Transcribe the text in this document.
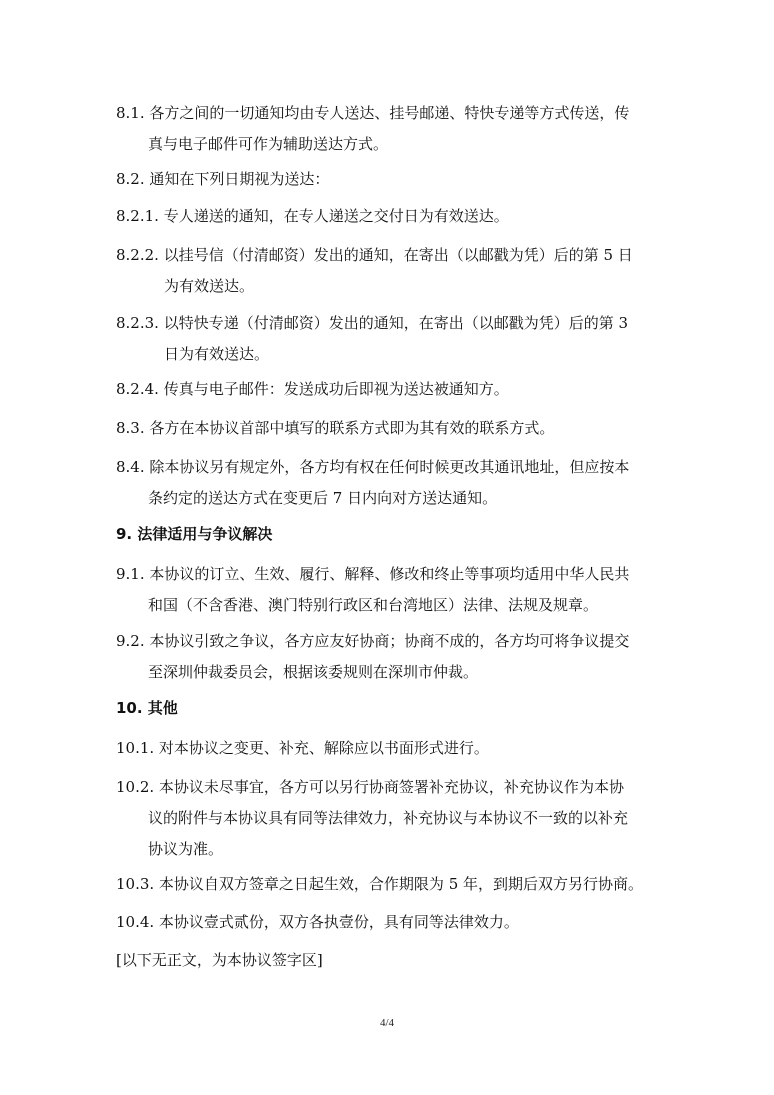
8.1. 各方之间的一切通知均由专人送达、挂号邮递、特快专递等方式传送，传
真与电子邮件可作为辅助送达方式。
8.2. 通知在下列日期视为送达：
8.2.1. 专人递送的通知，在专人递送之交付日为有效送达。
8.2.2. 以挂号信（付清邮资）发出的通知，在寄出（以邮戳为凭）后的第 5 日
为有效送达。
8.2.3. 以特快专递（付清邮资）发出的通知，在寄出（以邮戳为凭）后的第 3
日为有效送达。
8.2.4. 传真与电子邮件：发送成功后即视为送达被通知方。
8.3. 各方在本协议首部中填写的联系方式即为其有效的联系方式。
8.4. 除本协议另有规定外，各方均有权在任何时候更改其通讯地址，但应按本
条约定的送达方式在变更后 7 日内向对方送达通知。
9. 法律适用与争议解决
9.1. 本协议的订立、生效、履行、解释、修改和终止等事项均适用中华人民共
和国（不含香港、澳门特别行政区和台湾地区）法律、法规及规章。
9.2. 本协议引致之争议，各方应友好协商；协商不成的，各方均可将争议提交
至深圳仲裁委员会，根据该委规则在深圳市仲裁。
10. 其他
10.1. 对本协议之变更、补充、解除应以书面形式进行。
10.2. 本协议未尽事宜，各方可以另行协商签署补充协议，补充协议作为本协
议的附件与本协议具有同等法律效力，补充协议与本协议不一致的以补充
协议为准。
10.3. 本协议自双方签章之日起生效，合作期限为 5 年，到期后双方另行协商。
10.4. 本协议壹式贰份，双方各执壹份，具有同等法律效力。
[以下无正文，为本协议签字区]
4/4
